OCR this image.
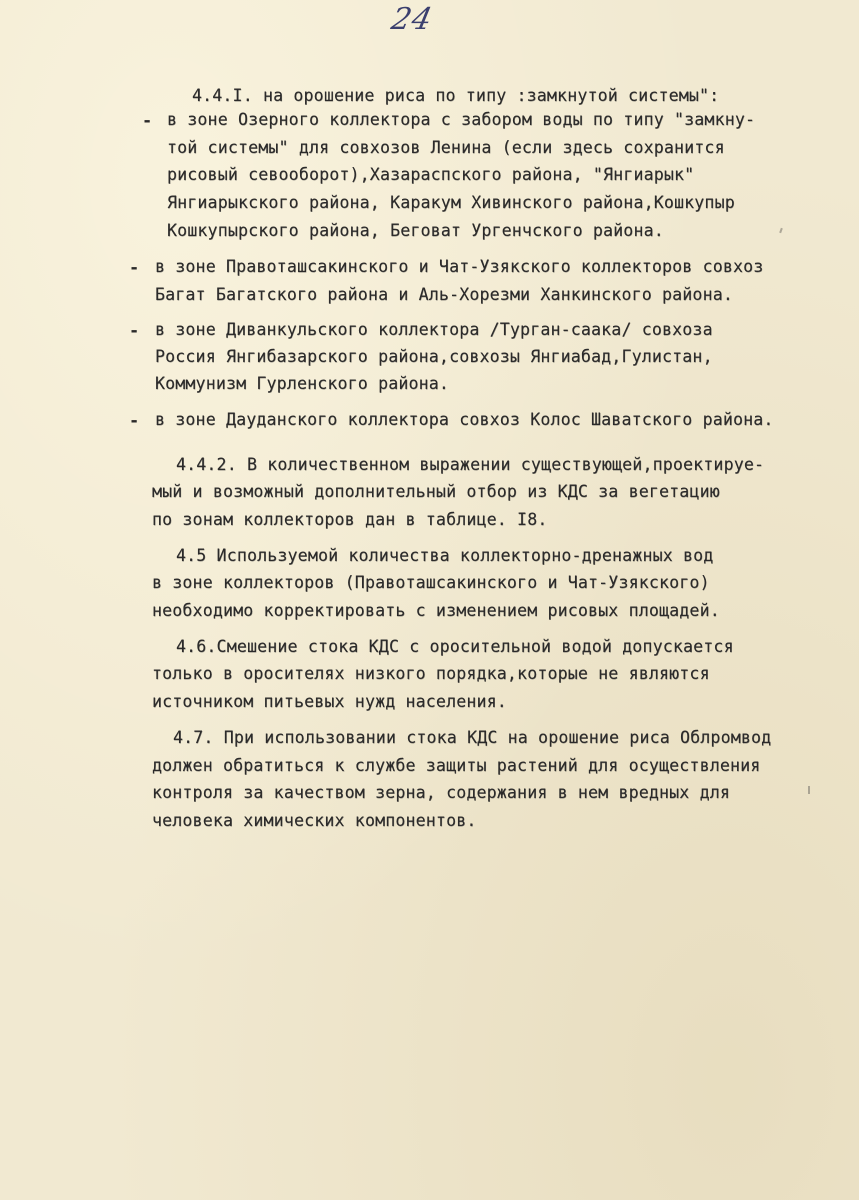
24
4.4.I. на орошение риса по типу :замкнутой системы":
- в зоне Озерного коллектора с забором воды по типу "замкну-
той системы" для совхозов Ленина (если здесь сохранится
рисовый севооборот),Хазараспского района, "Янгиарык"
Янгиарыкского района, Каракум Хивинского района,Кошкупыр
Кошкупырского района, Беговат Ургенчского района.
- в зоне Правоташсакинского и Чат-Узякского коллекторов совхоз
Багат Багатского района и Аль-Хорезми Ханкинского района.
- в зоне Диванкульского коллектора /Турган-саака/ совхоза
Россия Янгибазарского района,совхозы Янгиабад,Гулистан,
Коммунизм Гурленского района.
- в зоне Дауданского коллектора совхоз Колос Шаватского района.
4.4.2. В количественном выражении существующей,проектируе-
мый и возможный дополнительный отбор из КДС за вегетацию
по зонам коллекторов дан в таблице. I8.
4.5 Используемой количества коллекторно-дренажных вод
в зоне коллекторов (Правоташсакинского и Чат-Узякского)
необходимо корректировать с изменением рисовых площадей.
4.6.Смешение стока КДС с оросительной водой допускается
только в оросителях низкого порядка,которые не являются
источником питьевых нужд населения.
4.7. При использовании стока КДС на орошение риса Облромвод
должен обратиться к службе защиты растений для осуществления
контроля за качеством зерна, содержания в нем вредных для
человека химических компонентов.
